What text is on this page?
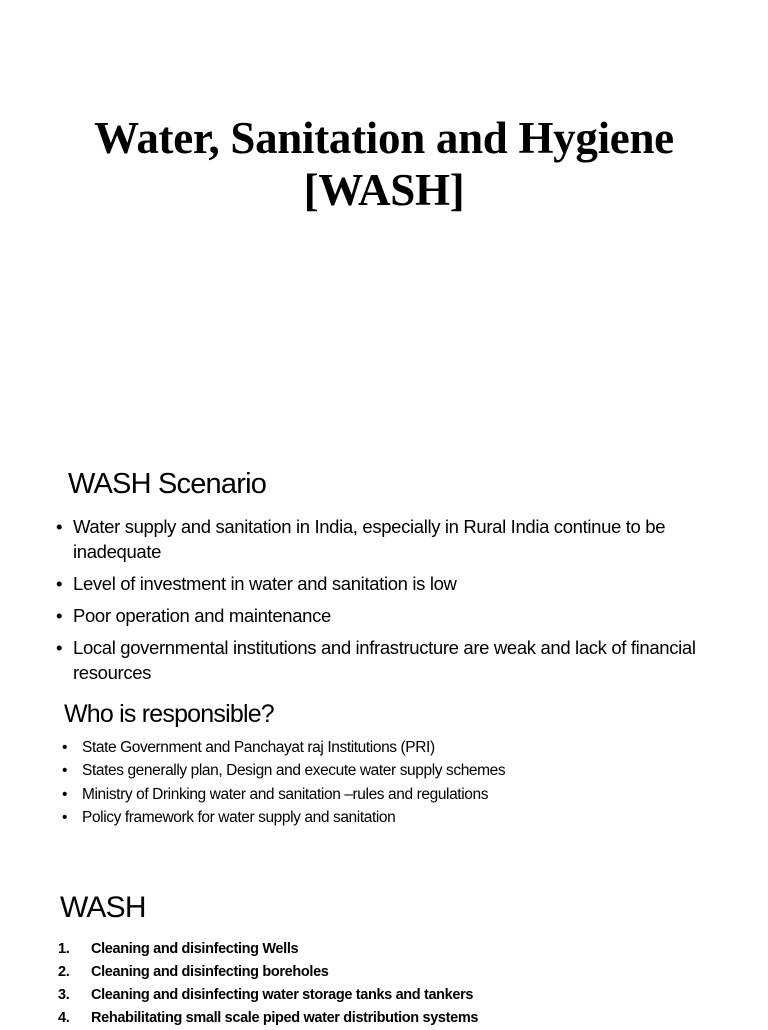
Water, Sanitation and Hygiene
[WASH]
WASH Scenario
• Water supply and sanitation in India, especially in Rural India continue to be inadequate
• Level of investment in water and sanitation is low
• Poor operation and maintenance
• Local governmental institutions and infrastructure are weak and lack of financial resources
Who is responsible?
• State Government and Panchayat raj Institutions (PRI)
• States generally plan, Design and execute water supply schemes
• Ministry of Drinking water and sanitation –rules and regulations
• Policy framework for water supply and sanitation
WASH
1. Cleaning and disinfecting Wells
2. Cleaning and disinfecting boreholes
3. Cleaning and disinfecting water storage tanks and tankers
4. Rehabilitating small scale piped water distribution systems
